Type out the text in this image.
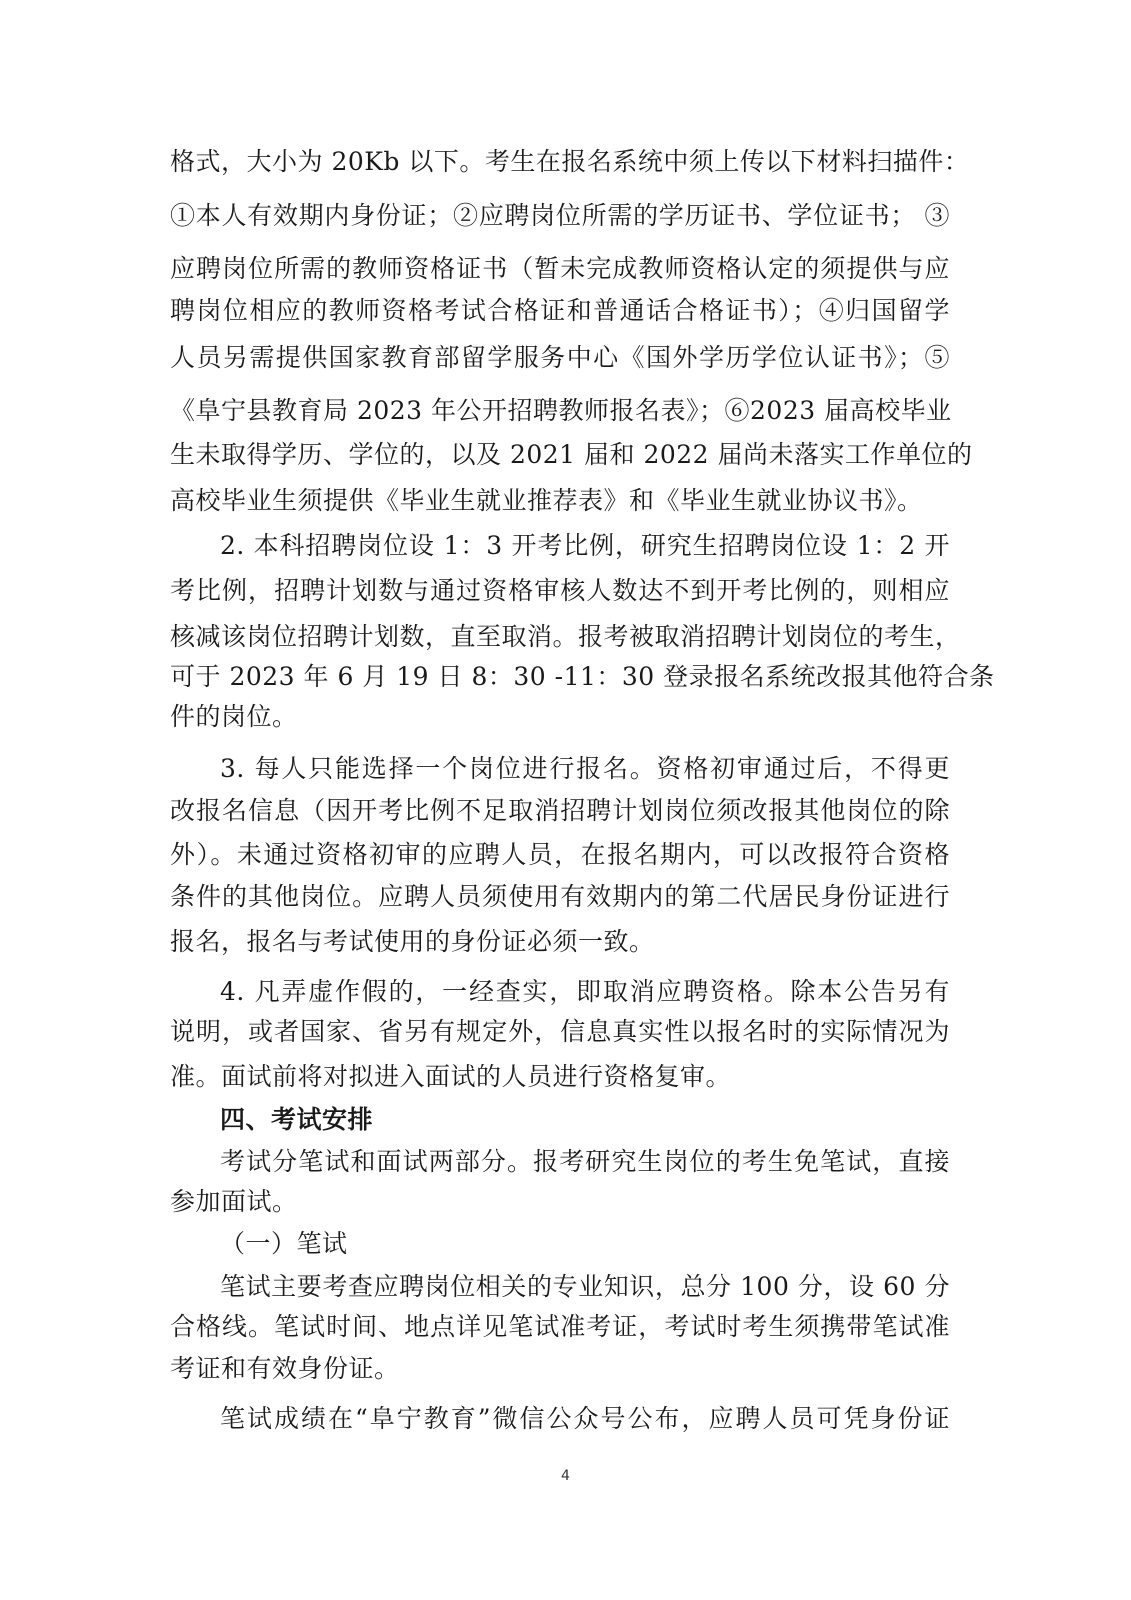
格式，大小为 20Kb 以下。考生在报名系统中须上传以下材料扫描件：
①本人有效期内身份证；②应聘岗位所需的学历证书、学位证书； ③
应聘岗位所需的教师资格证书（暂未完成教师资格认定的须提供与应
聘岗位相应的教师资格考试合格证和普通话合格证书）；④归国留学
人员另需提供国家教育部留学服务中心《国外学历学位认证书》；⑤
《阜宁县教育局 2023 年公开招聘教师报名表》；⑥2023 届高校毕业
生未取得学历、学位的，以及 2021 届和 2022 届尚未落实工作单位的
高校毕业生须提供《毕业生就业推荐表》和《毕业生就业协议书》。
2. 本科招聘岗位设 1：3 开考比例，研究生招聘岗位设 1：2 开
考比例，招聘计划数与通过资格审核人数达不到开考比例的，则相应
核减该岗位招聘计划数，直至取消。报考被取消招聘计划岗位的考生，
可于 2023 年 6 月 19 日 8：30 -11：30 登录报名系统改报其他符合条
件的岗位。
3. 每人只能选择一个岗位进行报名。资格初审通过后，不得更
改报名信息（因开考比例不足取消招聘计划岗位须改报其他岗位的除
外）。未通过资格初审的应聘人员，在报名期内，可以改报符合资格
条件的其他岗位。应聘人员须使用有效期内的第二代居民身份证进行
报名，报名与考试使用的身份证必须一致。
4. 凡弄虚作假的，一经查实，即取消应聘资格。除本公告另有
说明，或者国家、省另有规定外，信息真实性以报名时的实际情况为
准。面试前将对拟进入面试的人员进行资格复审。
四、考试安排
考试分笔试和面试两部分。报考研究生岗位的考生免笔试，直接
参加面试。
（一）笔试
笔试主要考查应聘岗位相关的专业知识，总分 100 分，设 60 分
合格线。笔试时间、地点详见笔试准考证，考试时考生须携带笔试准
考证和有效身份证。
笔试成绩在“阜宁教育”微信公众号公布，应聘人员可凭身份证
4
